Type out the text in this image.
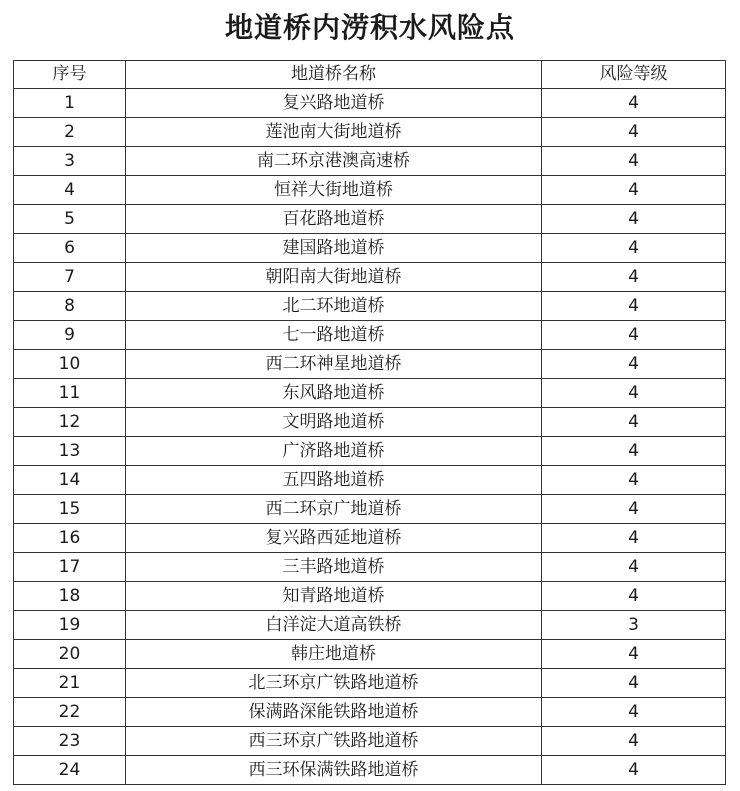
地道桥内涝积水风险点
序号	地道桥名称	风险等级
1	复兴路地道桥	4
2	莲池南大街地道桥	4
3	南二环京港澳高速桥	4
4	恒祥大街地道桥	4
5	百花路地道桥	4
6	建国路地道桥	4
7	朝阳南大街地道桥	4
8	北二环地道桥	4
9	七一路地道桥	4
10	西二环神星地道桥	4
11	东风路地道桥	4
12	文明路地道桥	4
13	广济路地道桥	4
14	五四路地道桥	4
15	西二环京广地道桥	4
16	复兴路西延地道桥	4
17	三丰路地道桥	4
18	知青路地道桥	4
19	白洋淀大道高铁桥	3
20	韩庄地道桥	4
21	北三环京广铁路地道桥	4
22	保满路深能铁路地道桥	4
23	西三环京广铁路地道桥	4
24	西三环保满铁路地道桥	4
